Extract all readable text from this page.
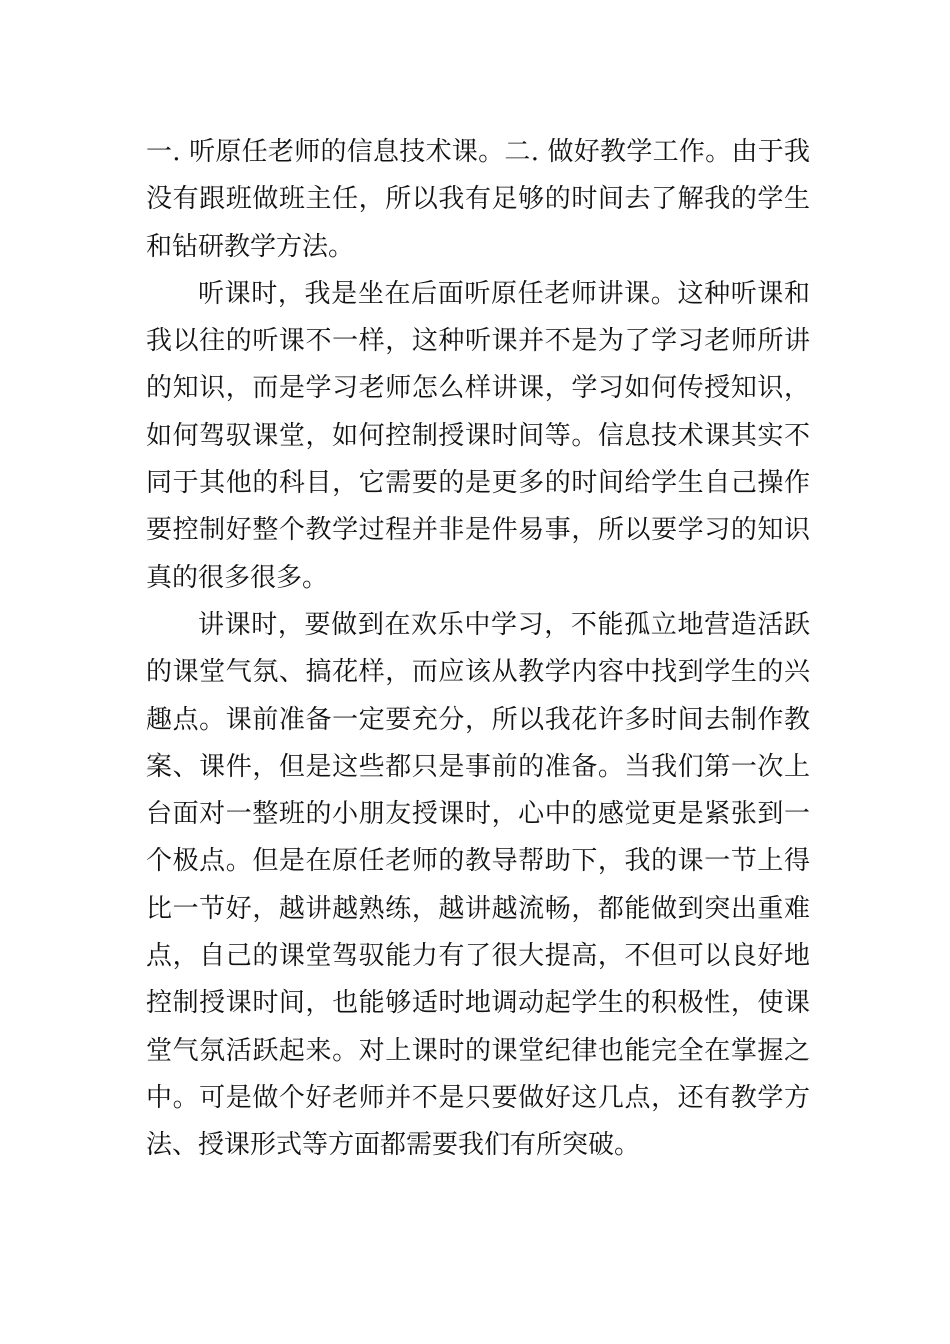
一. 听原任老师的信息技术课。二. 做好教学工作。由于我
没有跟班做班主任，所以我有足够的时间去了解我的学生
和钻研教学方法。
听课时，我是坐在后面听原任老师讲课。这种听课和
我以往的听课不一样，这种听课并不是为了学习老师所讲
的知识，而是学习老师怎么样讲课，学习如何传授知识，
如何驾驭课堂，如何控制授课时间等。信息技术课其实不
同于其他的科目，它需要的是更多的时间给学生自己操作
要控制好整个教学过程并非是件易事，所以要学习的知识
真的很多很多。
讲课时，要做到在欢乐中学习，不能孤立地营造活跃
的课堂气氛、搞花样，而应该从教学内容中找到学生的兴
趣点。课前准备一定要充分，所以我花许多时间去制作教
案、课件，但是这些都只是事前的准备。当我们第一次上
台面对一整班的小朋友授课时，心中的感觉更是紧张到一
个极点。但是在原任老师的教导帮助下，我的课一节上得
比一节好，越讲越熟练，越讲越流畅，都能做到突出重难
点，自己的课堂驾驭能力有了很大提高，不但可以良好地
控制授课时间，也能够适时地调动起学生的积极性，使课
堂气氛活跃起来。对上课时的课堂纪律也能完全在掌握之
中。可是做个好老师并不是只要做好这几点，还有教学方
法、授课形式等方面都需要我们有所突破。
